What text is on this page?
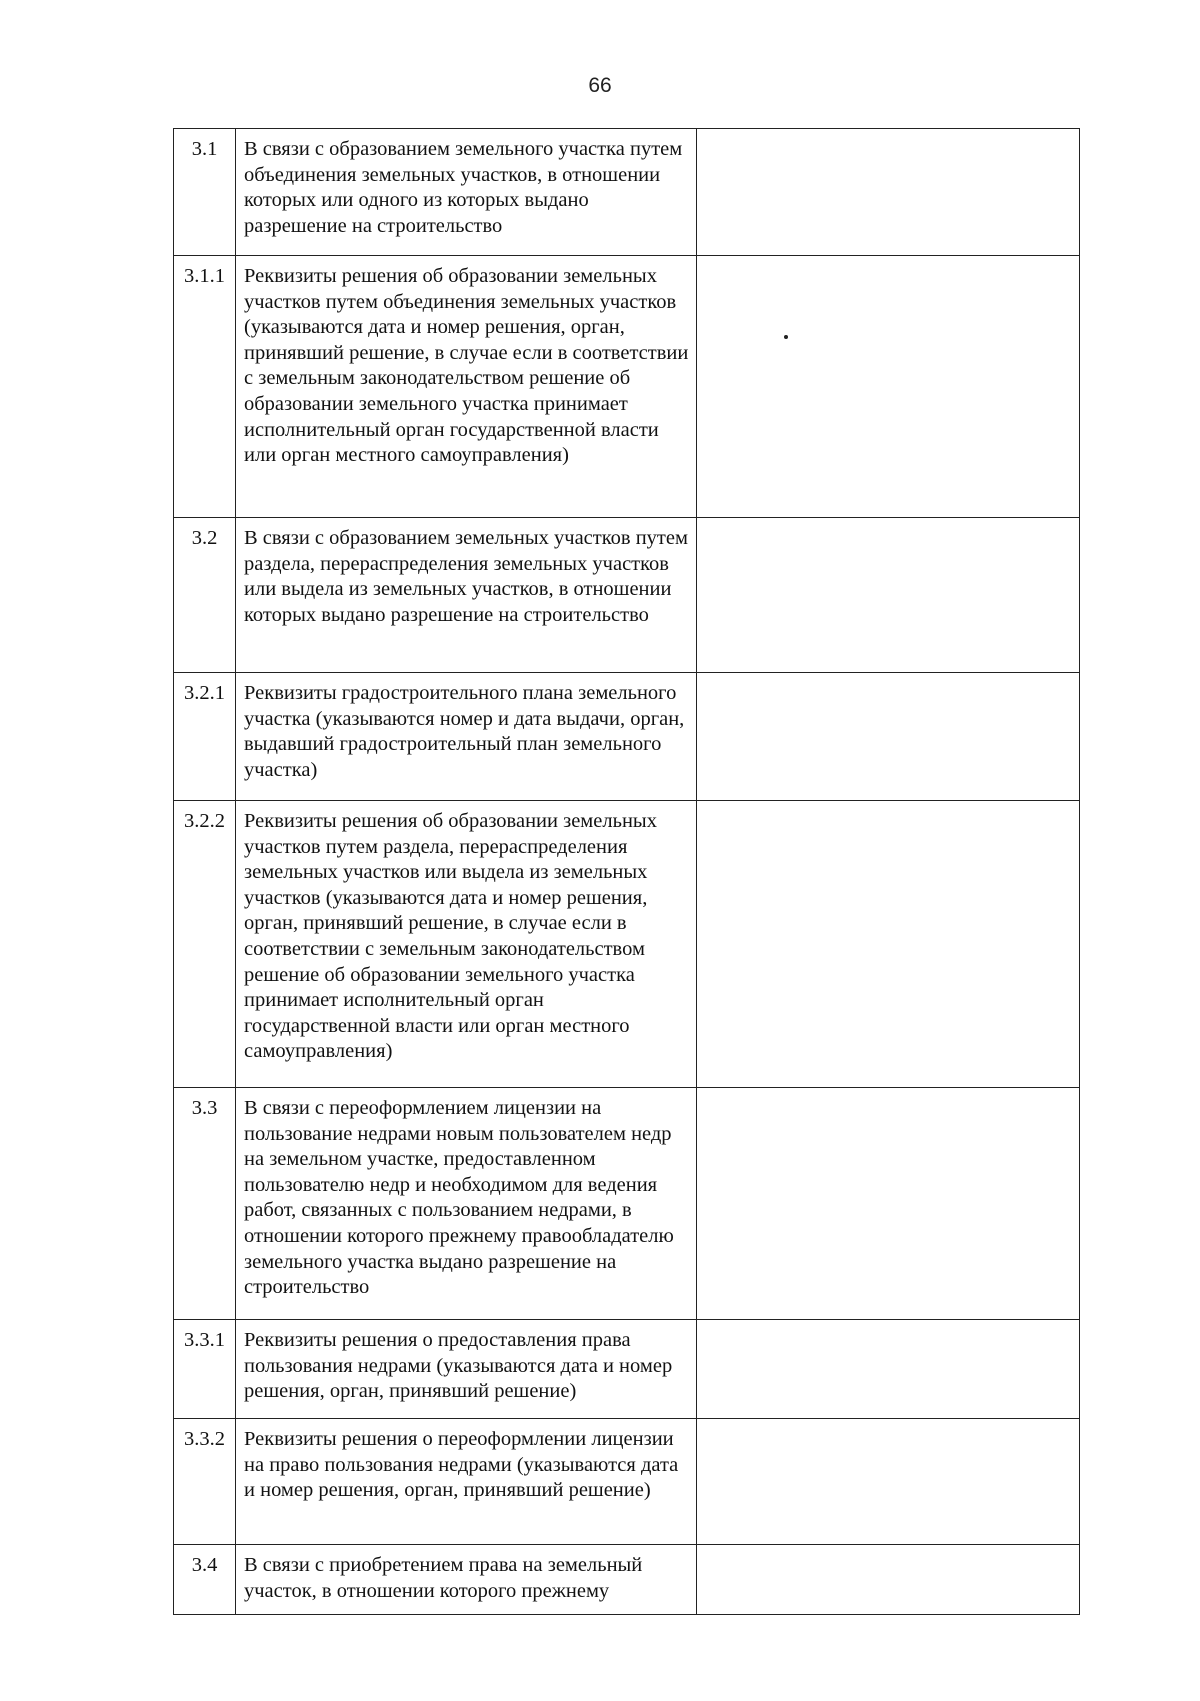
66
3.1	В связи с образованием земельного участка путем объединения земельных участков, в отношении которых или одного из которых выдано разрешение на строительство	
3.1.1	Реквизиты решения об образовании земельных участков путем объединения земельных участков (указываются дата и номер решения, орган, принявший решение, в случае если в соответствии с земельным законодательством решение об образовании земельного участка принимает исполнительный орган государственной власти или орган местного самоуправления)	
3.2	В связи с образованием земельных участков путем раздела, перераспределения земельных участков или выдела из земельных участков, в отношении которых выдано разрешение на строительство	
3.2.1	Реквизиты градостроительного плана земельного участка (указываются номер и дата выдачи, орган, выдавший градостроительный план земельного участка)	
3.2.2	Реквизиты решения об образовании земельных участков путем раздела, перераспределения земельных участков или выдела из земельных участков (указываются дата и номер решения, орган, принявший решение, в случае если в соответствии с земельным законодательством решение об образовании земельного участка принимает исполнительный орган государственной власти или орган местного самоуправления)	
3.3	В связи с переоформлением лицензии на пользование недрами новым пользователем недр на земельном участке, предоставленном пользователю недр и необходимом для ведения работ, связанных с пользованием недрами, в отношении которого прежнему правообладателю земельного участка выдано разрешение на строительство	
3.3.1	Реквизиты решения о предоставления права пользования недрами (указываются дата и номер решения, орган, принявший решение)	
3.3.2	Реквизиты решения о переоформлении лицензии на право пользования недрами (указываются дата и номер решения, орган, принявший решение)	
3.4	В связи с приобретением права на земельный участок, в отношении которого прежнему	
